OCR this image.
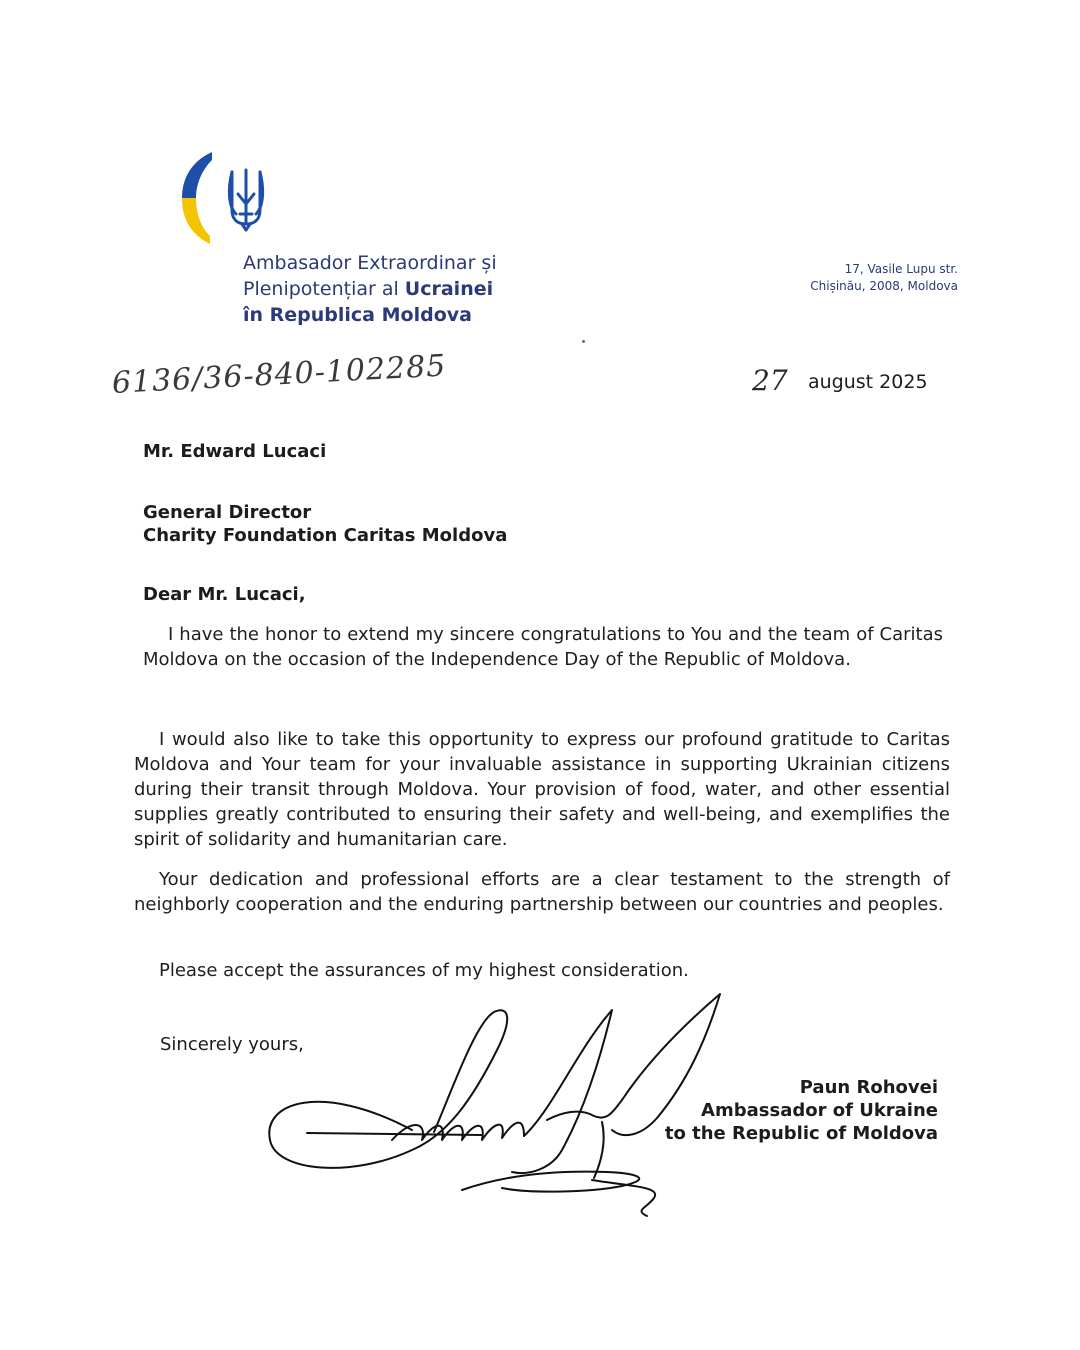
Ambasador Extraordinar și
Plenipotențiar al Ucrainei
în Republica Moldova
17, Vasile Lupu str.
Chișinău, 2008, Moldova
6136/36-840-102285	27 august 2025
Mr. Edward Lucaci
General Director
Charity Foundation Caritas Moldova
Dear Mr. Lucaci,
I have the honor to extend my sincere congratulations to You and the team of Caritas Moldova on the occasion of the Independence Day of the Republic of Moldova.
I would also like to take this opportunity to express our profound gratitude to Caritas Moldova and Your team for your invaluable assistance in supporting Ukrainian citizens during their transit through Moldova. Your provision of food, water, and other essential supplies greatly contributed to ensuring their safety and well-being, and exemplifies the spirit of solidarity and humanitarian care.
Your dedication and professional efforts are a clear testament to the strength of neighborly cooperation and the enduring partnership between our countries and peoples.
Please accept the assurances of my highest consideration.
Sincerely yours,
Paun Rohovei
Ambassador of Ukraine
to the Republic of Moldova
